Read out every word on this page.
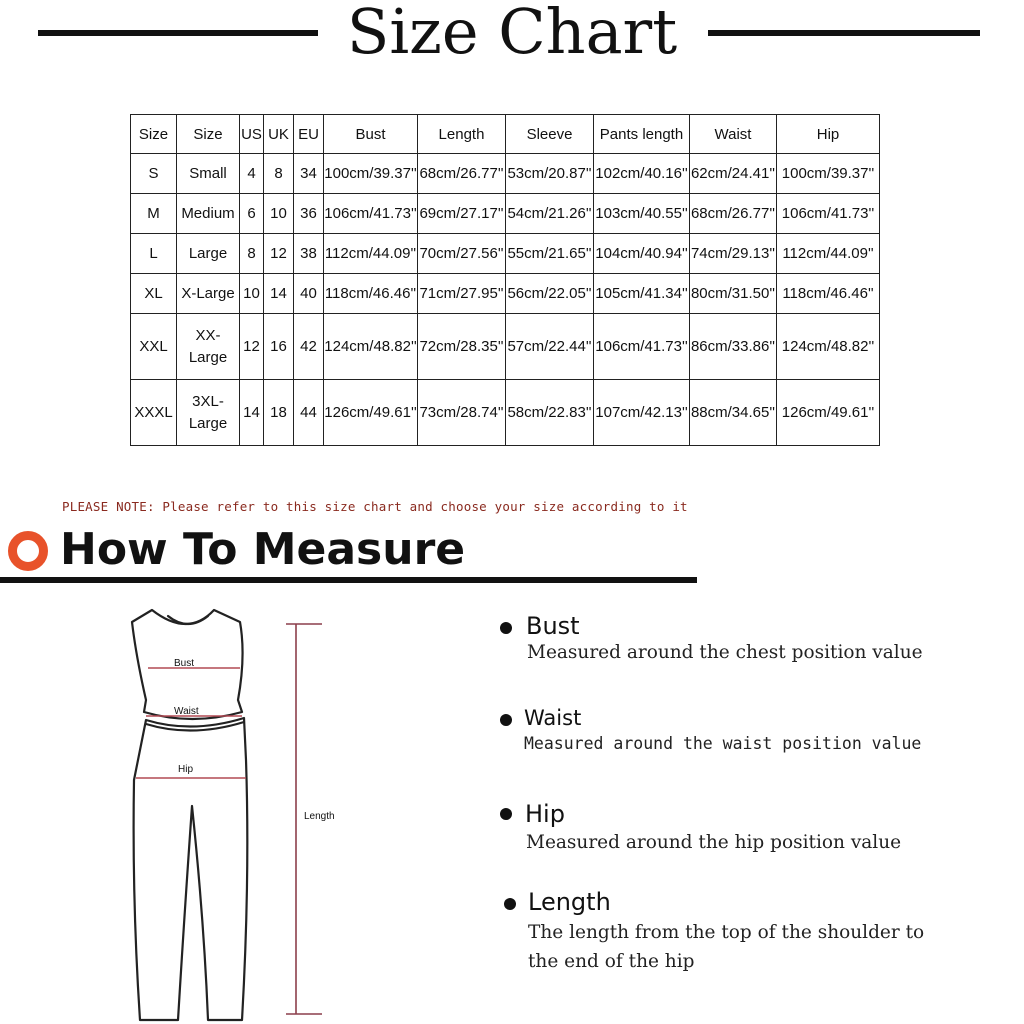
Size Chart
Size	Size	US	UK	EU	Bust	Length	Sleeve	Pants length	Waist	Hip
S	Small	4	8	34	100cm/39.37''	68cm/26.77''	53cm/20.87''	102cm/40.16''	62cm/24.41''	100cm/39.37''
M	Medium	6	10	36	106cm/41.73''	69cm/27.17''	54cm/21.26''	103cm/40.55''	68cm/26.77''	106cm/41.73''
L	Large	8	12	38	112cm/44.09''	70cm/27.56''	55cm/21.65''	104cm/40.94''	74cm/29.13''	112cm/44.09''
XL	X-Large	10	14	40	118cm/46.46''	71cm/27.95''	56cm/22.05''	105cm/41.34''	80cm/31.50''	118cm/46.46''
XXL	XX-Large	12	16	42	124cm/48.82''	72cm/28.35''	57cm/22.44''	106cm/41.73''	86cm/33.86''	124cm/48.82''
XXXL	3XL-Large	14	18	44	126cm/49.61''	73cm/28.74''	58cm/22.83''	107cm/42.13''	88cm/34.65''	126cm/49.61''
PLEASE NOTE: Please refer to this size chart and choose your size according to it
How To Measure
Bust
Waist
Hip
Length
Bust
Measured around the chest position value
Waist
Measured around the waist position value
Hip
Measured around the hip position value
Length
The length from the top of the shoulder to
the end of the hip
